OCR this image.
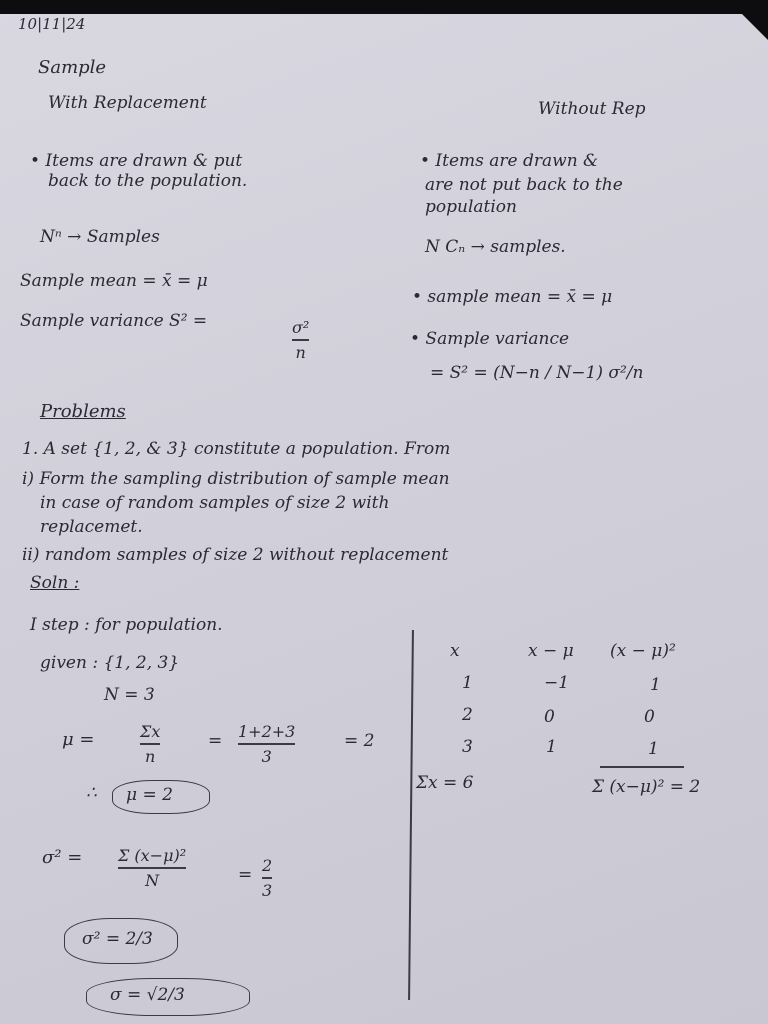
10|11|24
Sample
With Replacement	Without Rep
• Items are drawn & put
back to the population.
• Items are drawn &
are not put back to the
population
Nⁿ → Samples	N Cₙ → samples.
Sample mean = x̄ = μ
• sample mean = x̄ = μ
Sample variance S² =	σ²
n
• Sample variance
= S² = (N−n / N−1) σ²/n
Problems
1. A set {1, 2, & 3} constitute a population. From
i) Form the sampling distribution of sample mean
in case of random samples of size 2 with
replacemet.
ii) random samples of size 2 without replacement
Soln :
I step : for population.
given : {1, 2, 3}
N = 3
μ =	Σx
n
= 1+2+3
3
= 2
∴ μ = 2
σ² = Σ (x−μ)²
N	= 2
3
σ² = 2/3
σ = √2/3
x	x − μ (x − μ)²
1	−1	1
2	0	0
3	1	1
Σx = 6	Σ (x−μ)² = 2
